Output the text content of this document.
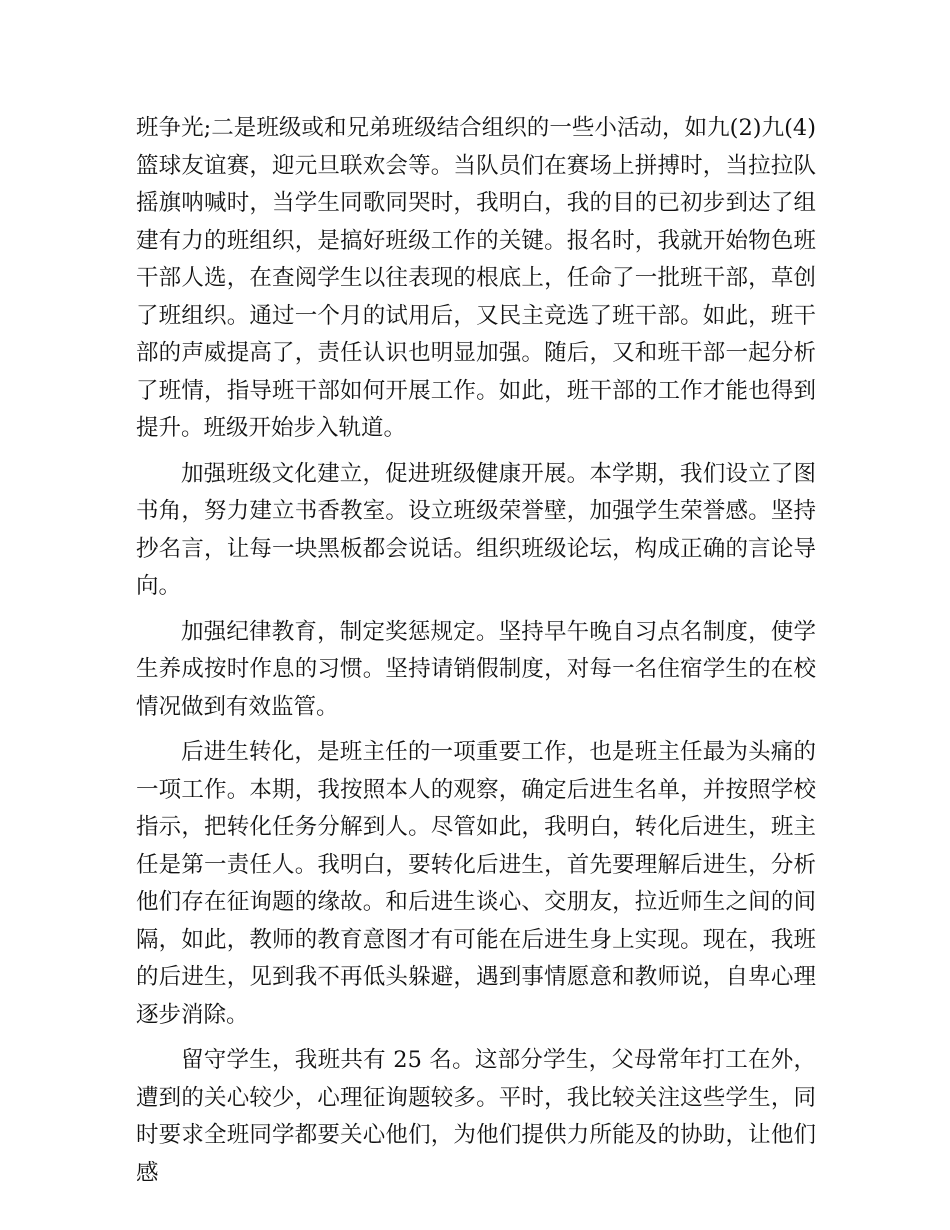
班争光;二是班级或和兄弟班级结合组织的一些小活动，如九(2)九(4)篮球友谊赛，迎元旦联欢会等。当队员们在赛场上拼搏时，当拉拉队摇旗呐喊时，当学生同歌同哭时，我明白，我的目的已初步到达了组建有力的班组织，是搞好班级工作的关键。报名时，我就开始物色班干部人选，在查阅学生以往表现的根底上，任命了一批班干部，草创了班组织。通过一个月的试用后，又民主竞选了班干部。如此，班干部的声威提高了，责任认识也明显加强。随后，又和班干部一起分析了班情，指导班干部如何开展工作。如此，班干部的工作才能也得到提升。班级开始步入轨道。

加强班级文化建立，促进班级健康开展。本学期，我们设立了图书角，努力建立书香教室。设立班级荣誉壁，加强学生荣誉感。坚持抄名言，让每一块黑板都会说话。组织班级论坛，构成正确的言论导向。

加强纪律教育，制定奖惩规定。坚持早午晚自习点名制度，使学生养成按时作息的习惯。坚持请销假制度，对每一名住宿学生的在校情况做到有效监管。

后进生转化，是班主任的一项重要工作，也是班主任最为头痛的一项工作。本期，我按照本人的观察，确定后进生名单，并按照学校指示，把转化任务分解到人。尽管如此，我明白，转化后进生，班主任是第一责任人。我明白，要转化后进生，首先要理解后进生，分析他们存在征询题的缘故。和后进生谈心、交朋友，拉近师生之间的间隔，如此，教师的教育意图才有可能在后进生身上实现。现在，我班的后进生，见到我不再低头躲避，遇到事情愿意和教师说，自卑心理逐步消除。

留守学生，我班共有 25 名。这部分学生，父母常年打工在外，遭到的关心较少，心理征询题较多。平时，我比较关注这些学生，同时要求全班同学都要关心他们，为他们提供力所能及的协助，让他们感
